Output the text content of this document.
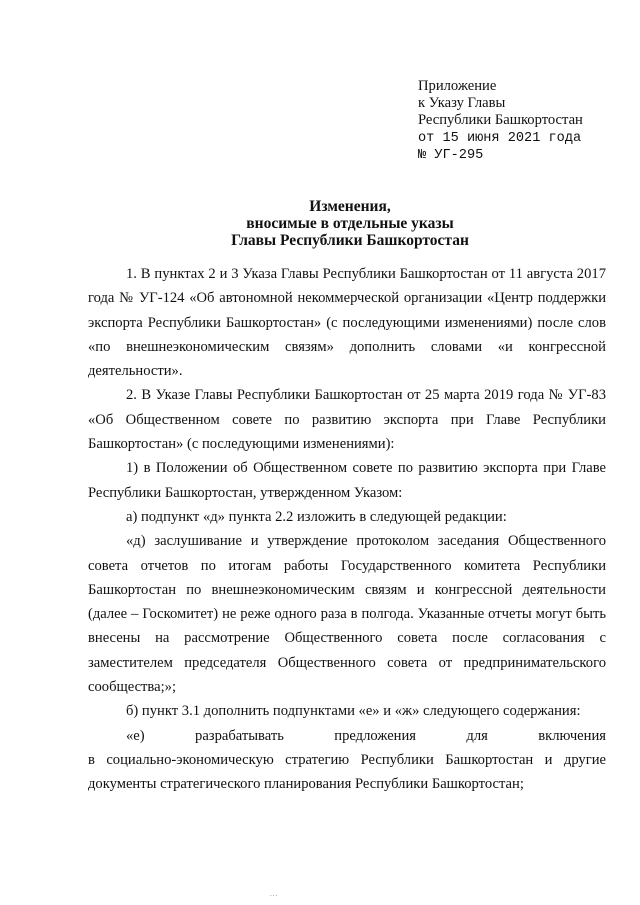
Приложение
к Указу Главы
Республики Башкортостан
от 15 июня 2021 года
№ УГ-295
Изменения,
вносимые в отдельные указы
Главы Республики Башкортостан

1. В пунктах 2 и 3 Указа Главы Республики Башкортостан от 11 августа 2017 года № УГ-124 «Об автономной некоммерческой организации «Центр поддержки экспорта Республики Башкортостан» (с последующими изменениями) после слов «по внешнеэкономическим связям» дополнить словами «и конгрессной деятельности».

2. В Указе Главы Республики Башкортостан от 25 марта 2019 года № УГ-83 «Об Общественном совете по развитию экспорта при Главе Республики Башкортостан» (с последующими изменениями):

1) в Положении об Общественном совете по развитию экспорта при Главе Республики Башкортостан, утвержденном Указом:

а) подпункт «д» пункта 2.2 изложить в следующей редакции:

«д) заслушивание и утверждение протоколом заседания Общественного совета отчетов по итогам работы Государственного комитета Республики Башкортостан по внешнеэкономическим связям и конгрессной деятельности (далее – Госкомитет) не реже одного раза в полгода. Указанные отчеты могут быть внесены на рассмотрение Общественного совета после согласования с заместителем председателя Общественного совета от предпринимательского сообщества;»;

б) пункт 3.1 дополнить подпунктами «е» и «ж» следующего содержания:

«е) разрабатывать предложения для включения

в социально-экономическую стратегию Республики Башкортостан и другие документы стратегического планирования Республики Башкортостан;

...
